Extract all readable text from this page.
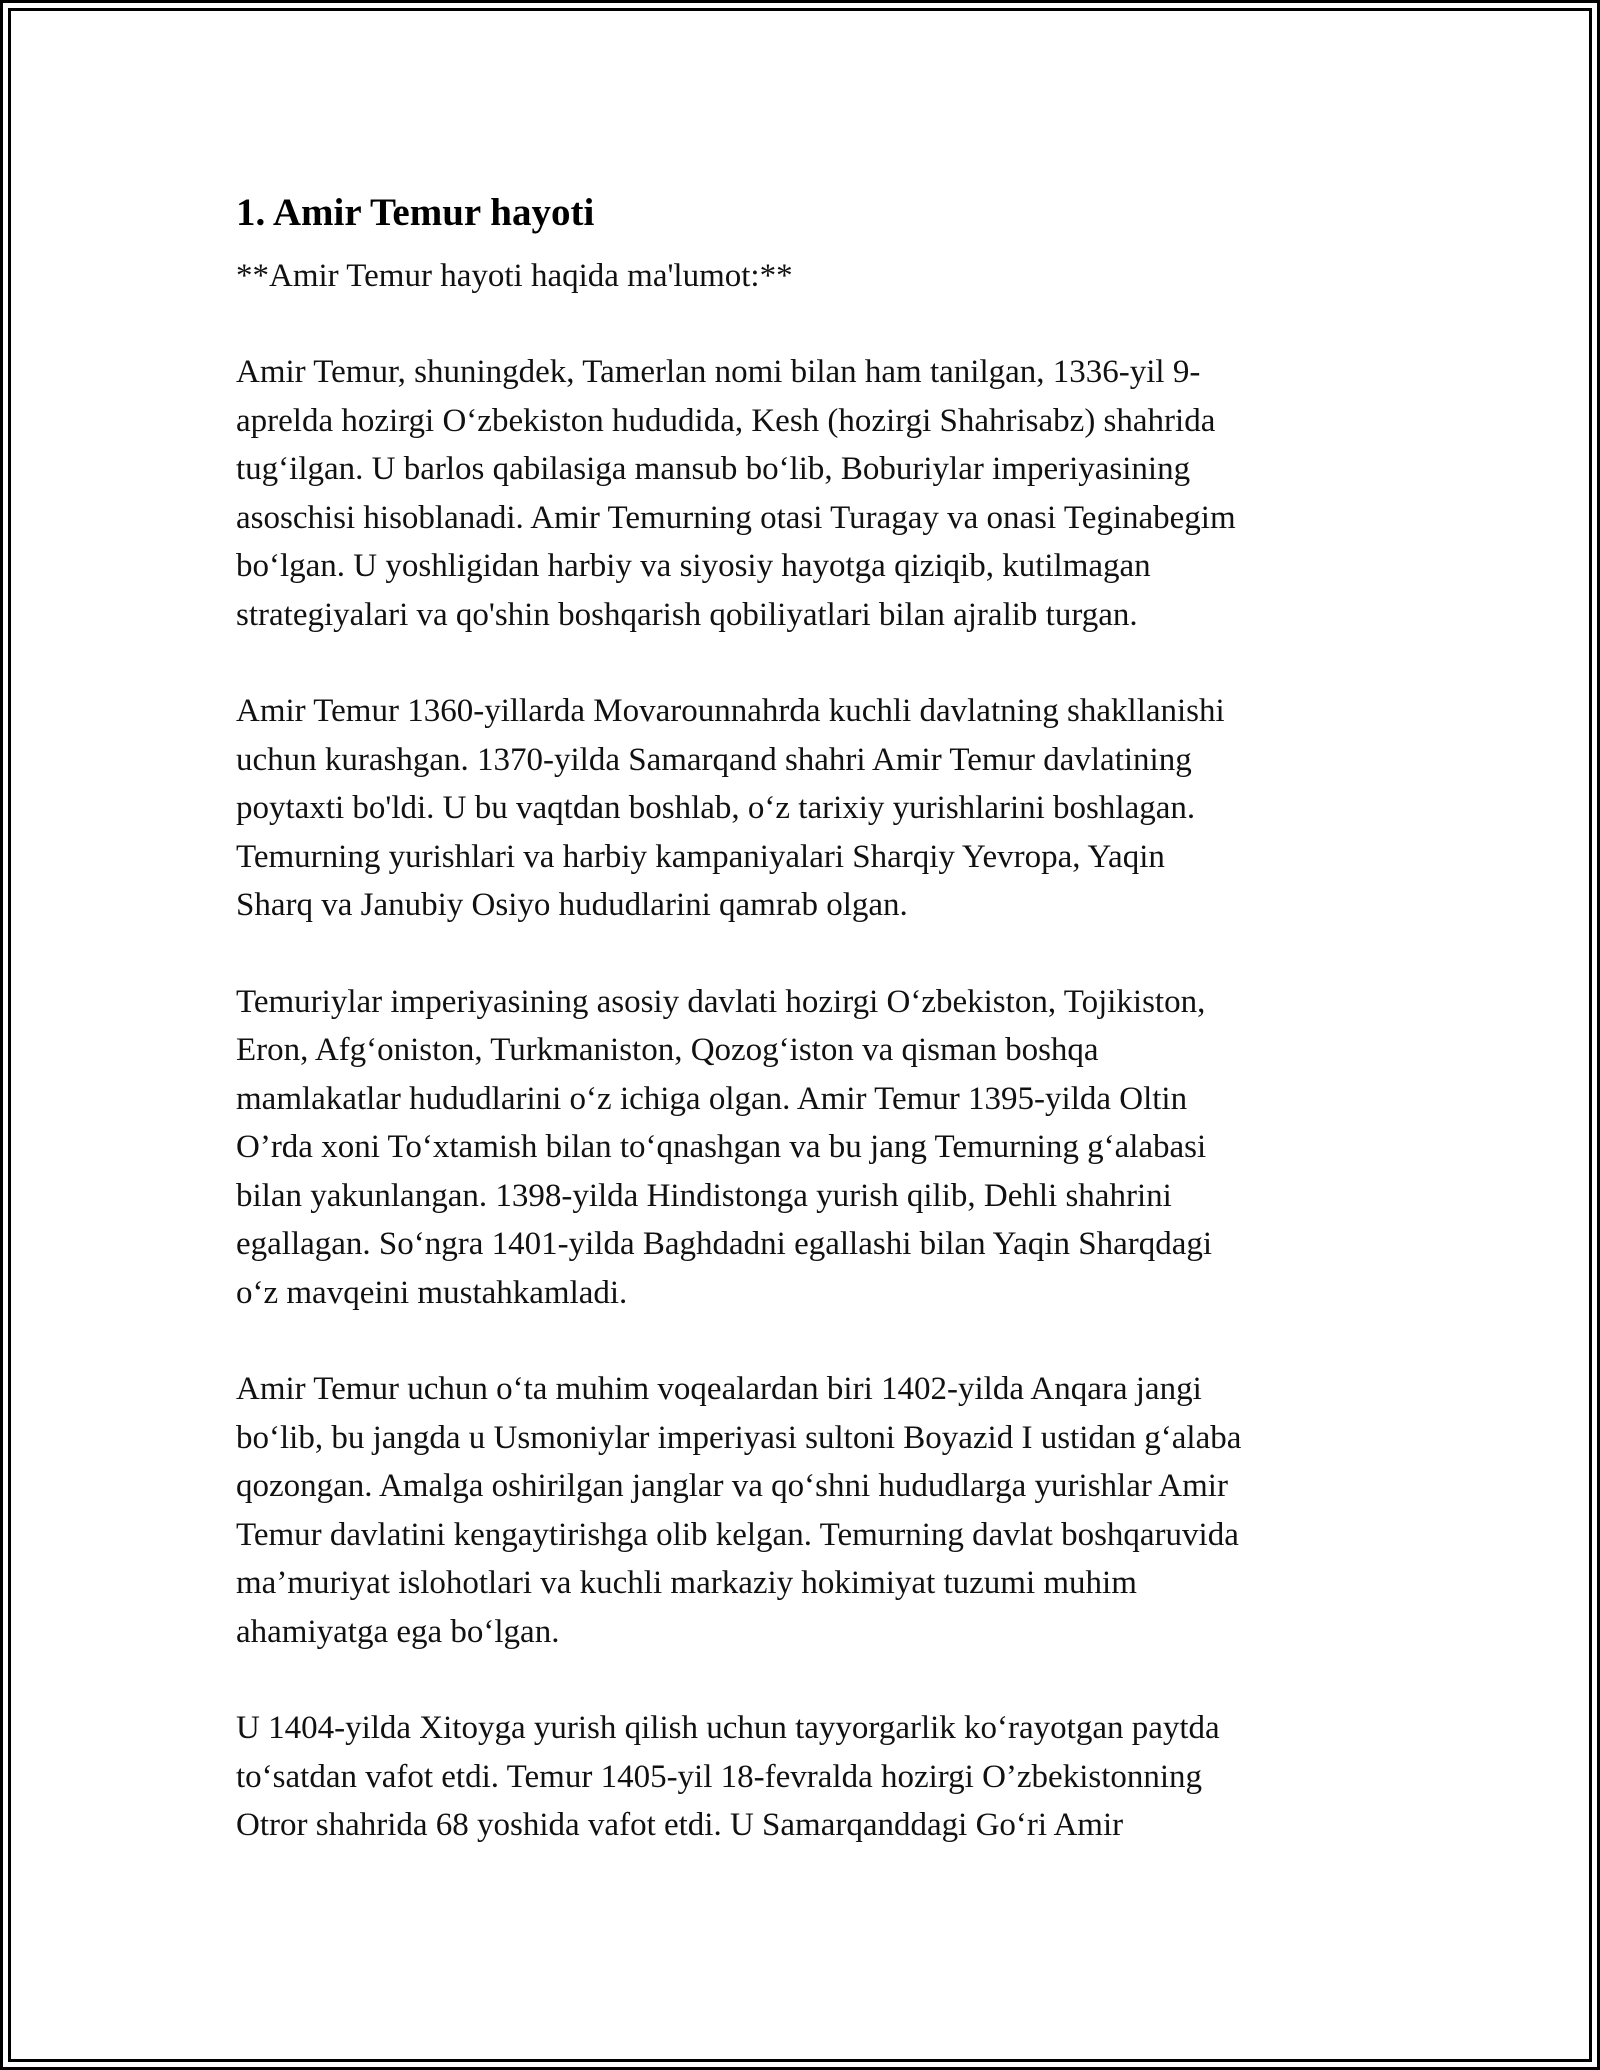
1. Amir Temur hayoti

**Amir Temur hayoti haqida ma'lumot:**

Amir Temur, shuningdek, Tamerlan nomi bilan ham tanilgan, 1336-yil 9-
aprelda hozirgi O‘zbekiston hududida, Kesh (hozirgi Shahrisabz) shahrida
tug‘ilgan. U barlos qabilasiga mansub bo‘lib, Boburiylar imperiyasining
asoschisi hisoblanadi. Amir Temurning otasi Turagay va onasi Teginabegim
bo‘lgan. U yoshligidan harbiy va siyosiy hayotga qiziqib, kutilmagan
strategiyalari va qo'shin boshqarish qobiliyatlari bilan ajralib turgan.

Amir Temur 1360-yillarda Movarounnahrda kuchli davlatning shakllanishi
uchun kurashgan. 1370-yilda Samarqand shahri Amir Temur davlatining
poytaxti bo'ldi. U bu vaqtdan boshlab, o‘z tarixiy yurishlarini boshlagan.
Temurning yurishlari va harbiy kampaniyalari Sharqiy Yevropa, Yaqin
Sharq va Janubiy Osiyo hududlarini qamrab olgan.

Temuriylar imperiyasining asosiy davlati hozirgi O‘zbekiston, Tojikiston,
Eron, Afg‘oniston, Turkmaniston, Qozog‘iston va qisman boshqa
mamlakatlar hududlarini o‘z ichiga olgan. Amir Temur 1395-yilda Oltin
O’rda xoni To‘xtamish bilan to‘qnashgan va bu jang Temurning g‘alabasi
bilan yakunlangan. 1398-yilda Hindistonga yurish qilib, Dehli shahrini
egallagan. So‘ngra 1401-yilda Baghdadni egallashi bilan Yaqin Sharqdagi
o‘z mavqeini mustahkamladi.

Amir Temur uchun o‘ta muhim voqealardan biri 1402-yilda Anqara jangi
bo‘lib, bu jangda u Usmoniylar imperiyasi sultoni Boyazid I ustidan g‘alaba
qozongan. Amalga oshirilgan janglar va qo‘shni hududlarga yurishlar Amir
Temur davlatini kengaytirishga olib kelgan. Temurning davlat boshqaruvida
ma’muriyat islohotlari va kuchli markaziy hokimiyat tuzumi muhim
ahamiyatga ega bo‘lgan.

U 1404-yilda Xitoyga yurish qilish uchun tayyorgarlik ko‘rayotgan paytda
to‘satdan vafot etdi. Temur 1405-yil 18-fevralda hozirgi O’zbekistonning
Otror shahrida 68 yoshida vafot etdi. U Samarqanddagi Go‘ri Amir
